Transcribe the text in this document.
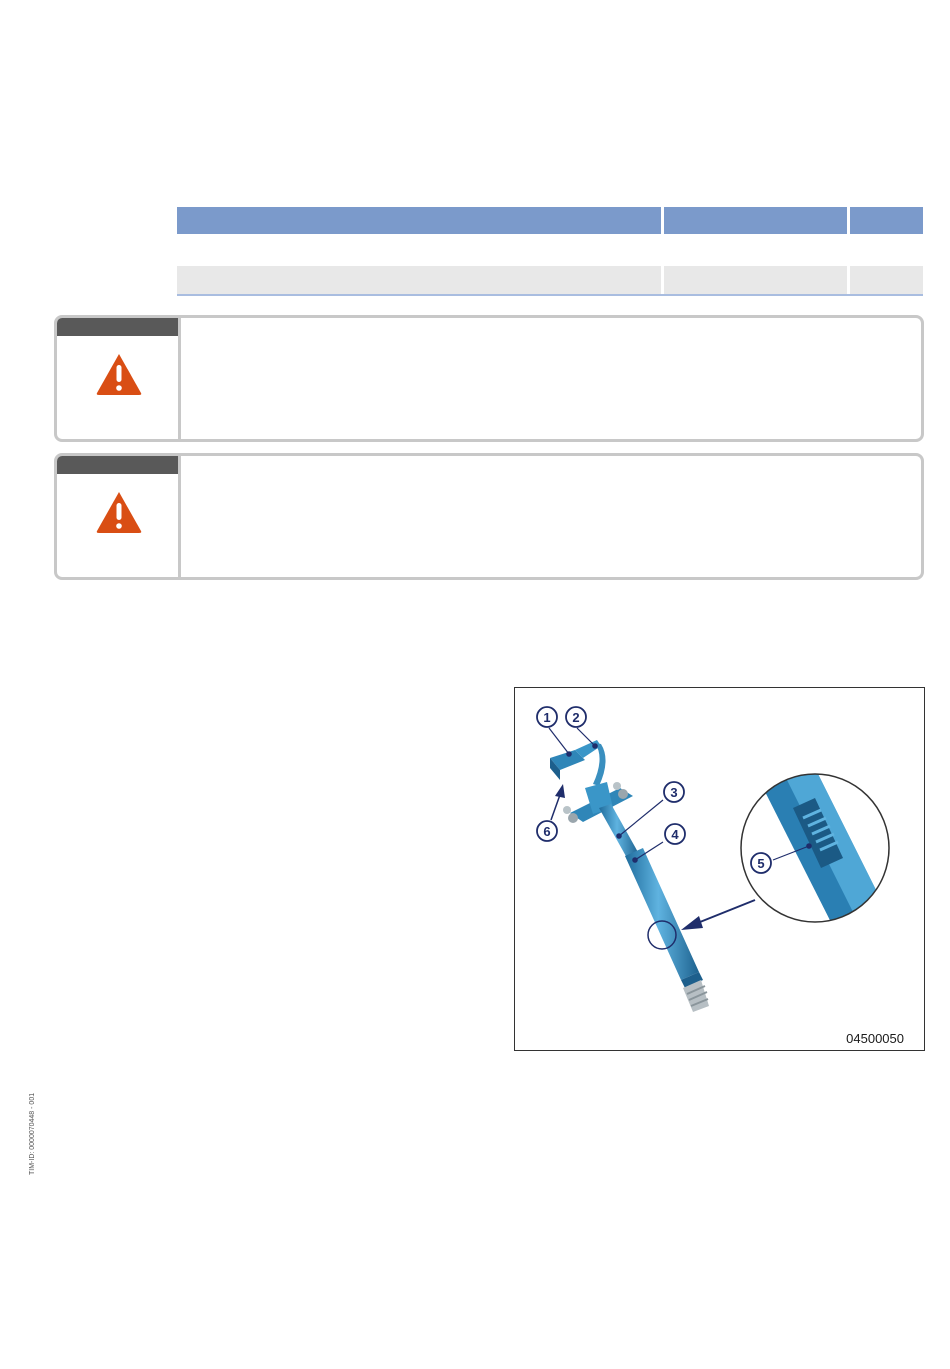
1 2
3
4
5
6
04500050
TIM-ID: 0000070448 - 001
